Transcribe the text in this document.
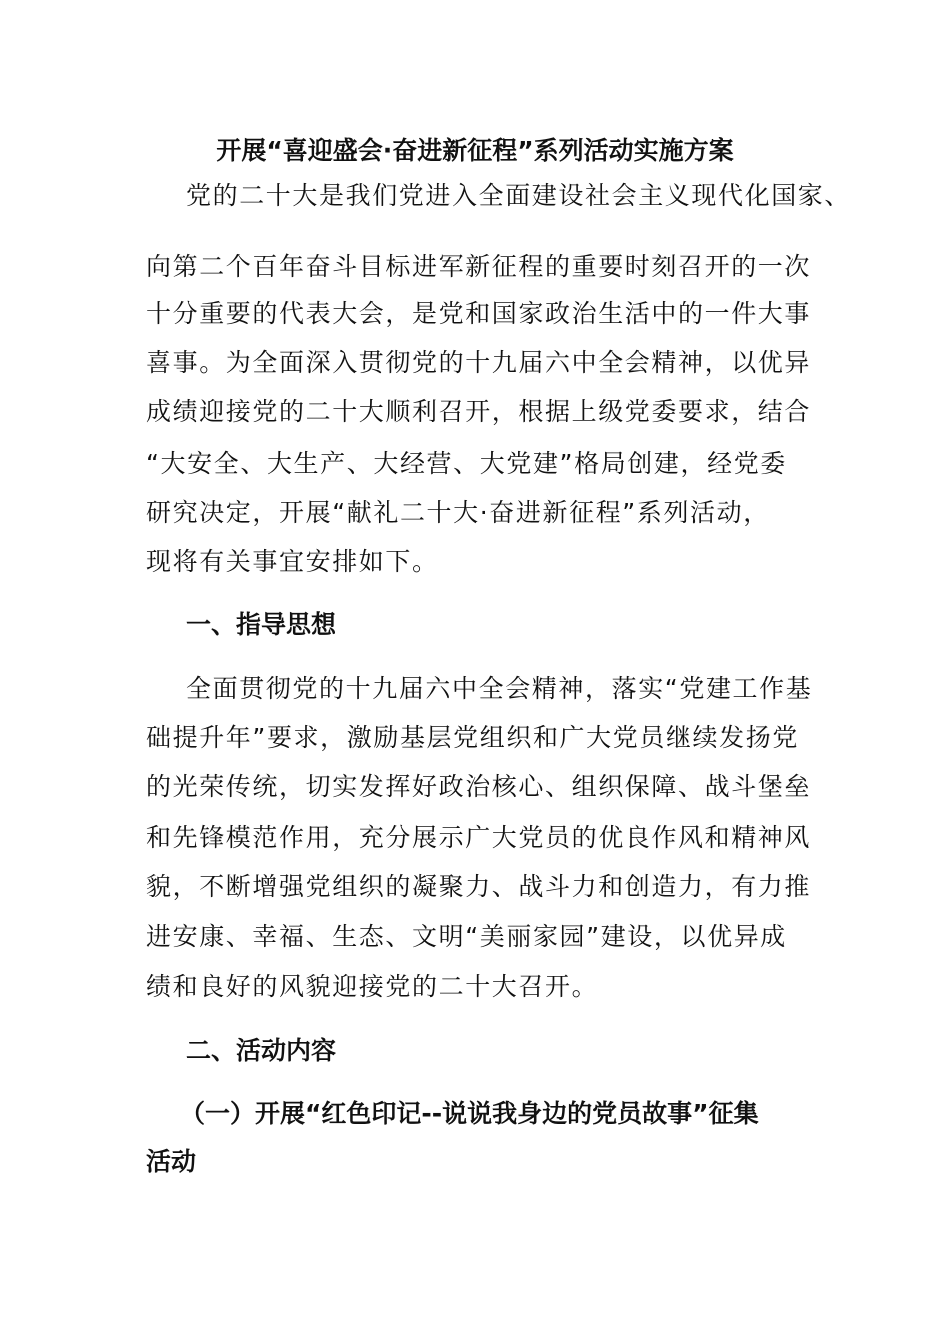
开展“喜迎盛会·奋进新征程”系列活动实施方案
党的二十大是我们党进入全面建设社会主义现代化国家、
向第二个百年奋斗目标进军新征程的重要时刻召开的一次
十分重要的代表大会，是党和国家政治生活中的一件大事
喜事。为全面深入贯彻党的十九届六中全会精神，以优异
成绩迎接党的二十大顺利召开，根据上级党委要求，结合
“大安全、大生产、大经营、大党建”格局创建，经党委
研究决定，开展“献礼二十大·奋进新征程”系列活动，
现将有关事宜安排如下。
一、指导思想
全面贯彻党的十九届六中全会精神，落实“党建工作基
础提升年”要求，激励基层党组织和广大党员继续发扬党
的光荣传统，切实发挥好政治核心、组织保障、战斗堡垒
和先锋模范作用，充分展示广大党员的优良作风和精神风
貌，不断增强党组织的凝聚力、战斗力和创造力，有力推
进安康、幸福、生态、文明“美丽家园”建设，以优异成
绩和良好的风貌迎接党的二十大召开。
二、活动内容
（一）开展“红色印记--说说我身边的党员故事”征集
活动
